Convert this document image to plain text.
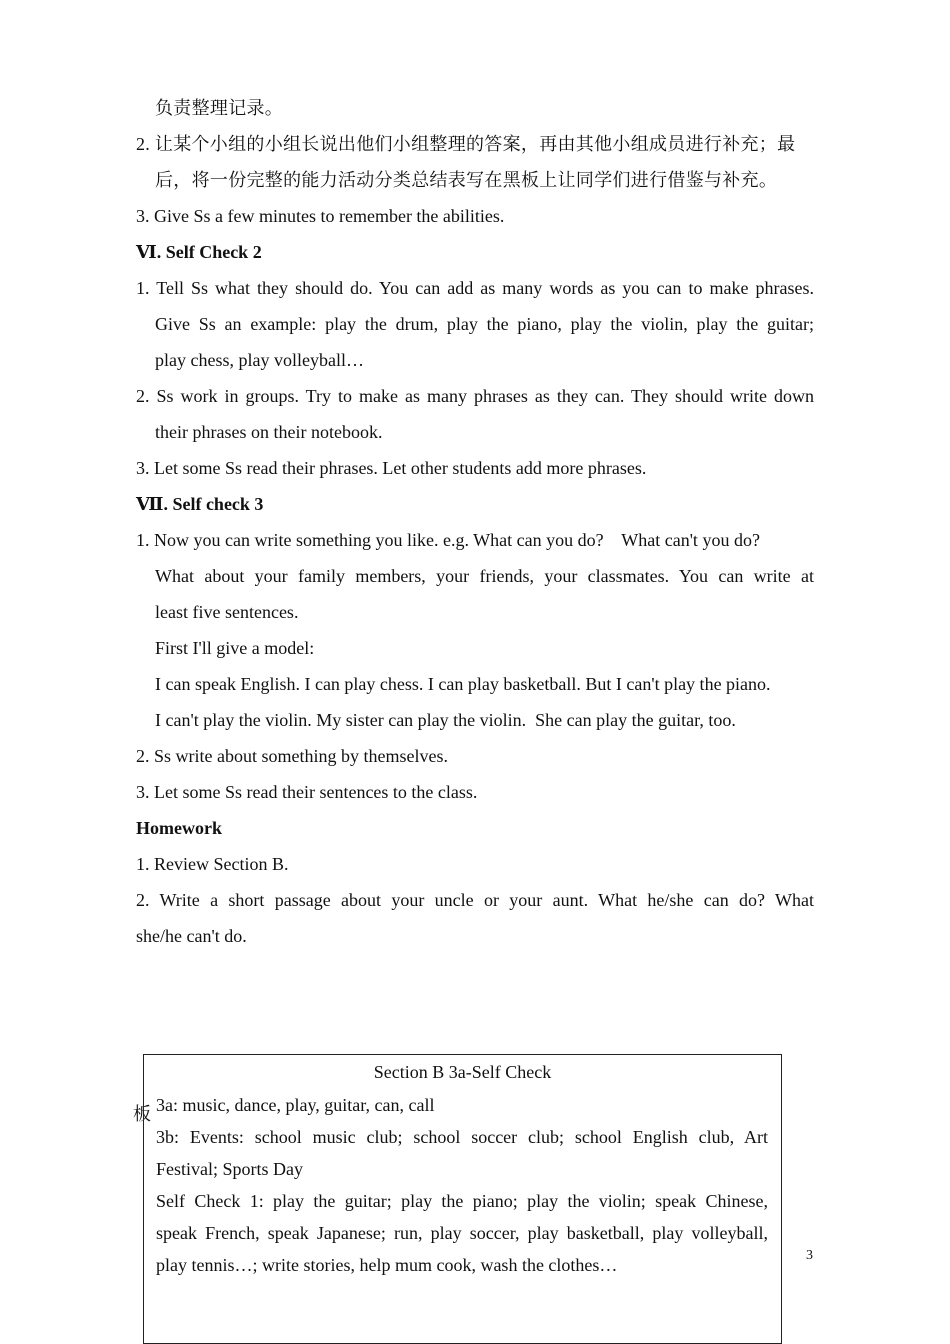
负责整理记录。
2. 让某个小组的小组长说出他们小组整理的答案，再由其他小组成员进行补充；最
后，将一份完整的能力活动分类总结表写在黑板上让同学们进行借鉴与补充。
3. Give Ss a few minutes to remember the abilities.
Ⅵ. Self Check 2
1. Tell Ss what they should do. You can add as many words as you can to make phrases.
Give Ss an example: play the drum, play the piano, play the violin, play the guitar;
play chess, play volleyball…
2. Ss work in groups. Try to make as many phrases as they can. They should write down
their phrases on their notebook.
3. Let some Ss read their phrases. Let other students add more phrases.
Ⅶ. Self check 3
1. Now you can write something you like. e.g. What can you do?    What can't you do?
What about your family members, your friends, your classmates. You can write at
least five sentences.
First I'll give a model:
I can speak English. I can play chess. I can play basketball. But I can't play the piano.
I can't play the violin. My sister can play the violin.  She can play the guitar, too.
2. Ss write about something by themselves.
3. Let some Ss read their sentences to the class.
Homework
1. Review Section B.
2. Write a short passage about your uncle or your aunt. What he/she can do? What
she/he can't do.
板
Section B 3a-Self Check
3a: music, dance, play, guitar, can, call
3b: Events: school music club; school soccer club; school English club, Art
Festival; Sports Day
Self Check 1: play the guitar; play the piano; play the violin; speak Chinese,
speak French, speak Japanese; run, play soccer, play basketball, play volleyball,
play tennis…; write stories, help mum cook, wash the clothes…	3
